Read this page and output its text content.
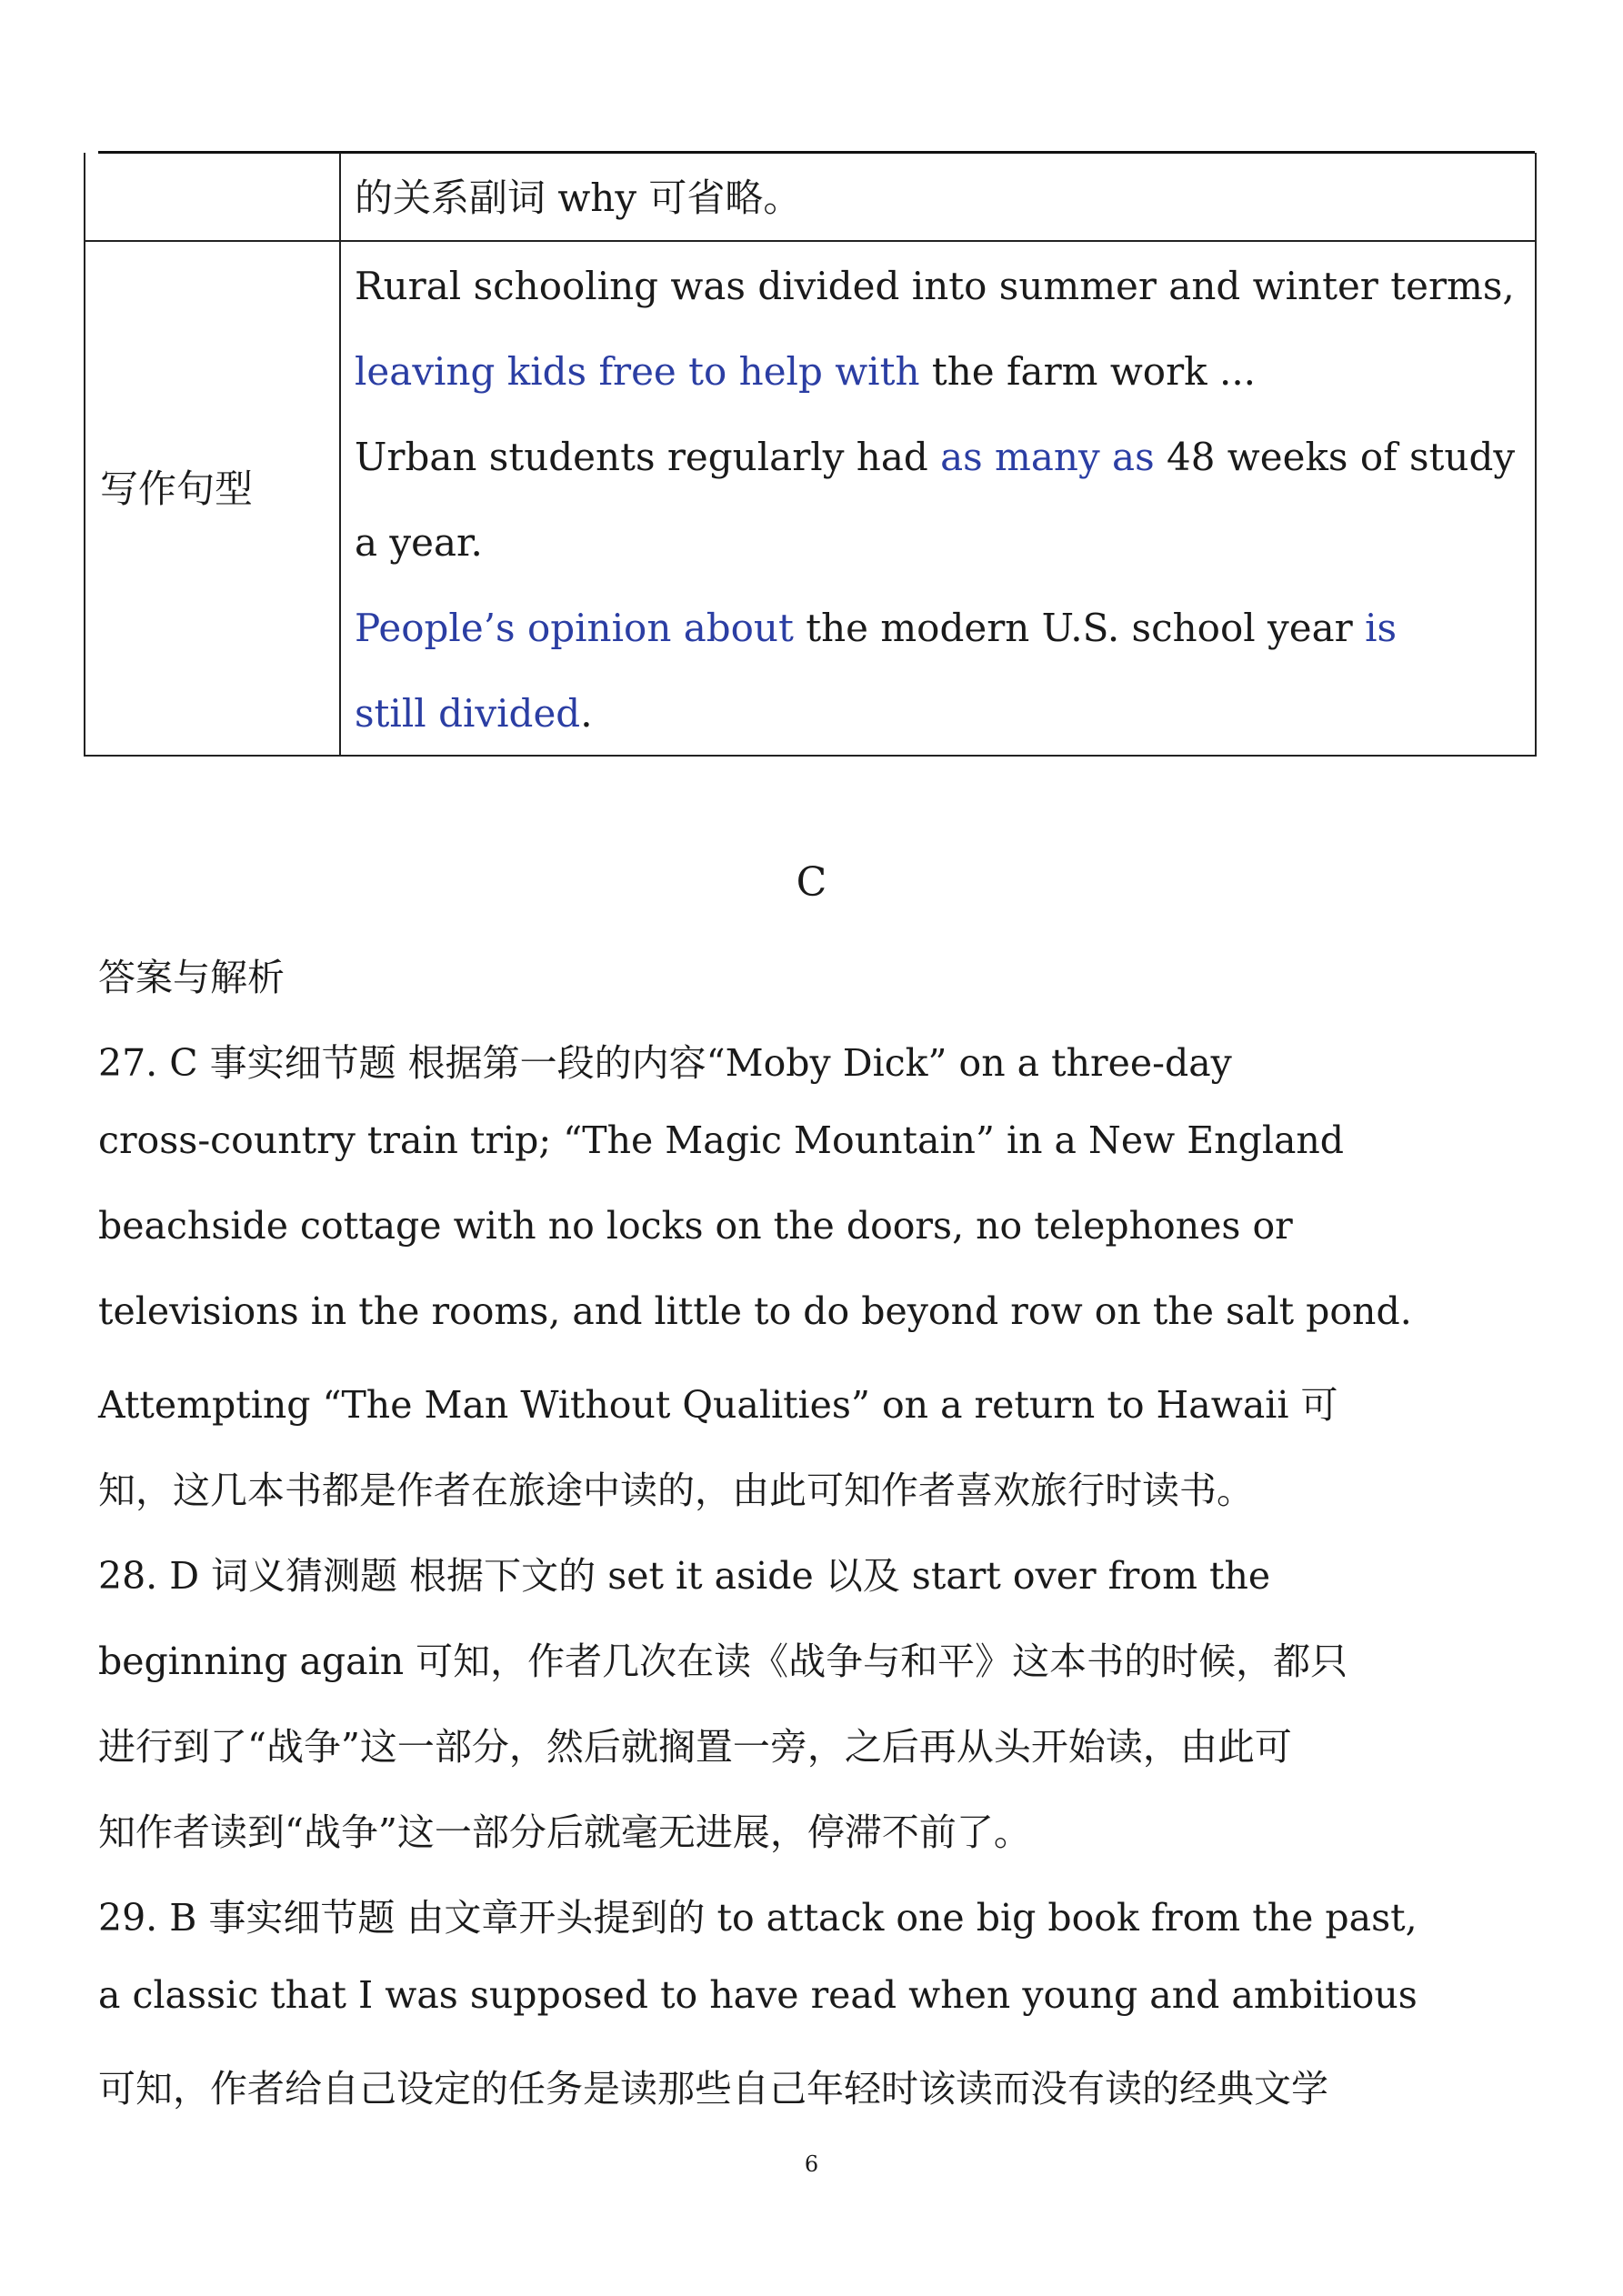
的关系副词 why 可省略。
写作句型
Rural schooling was divided into summer and winter terms,
leaving kids free to help with the farm work ...
Urban students regularly had as many as 48 weeks of study
a year.
People’s opinion about the modern U.S. school year is
still divided.
C
答案与解析
27. C 事实细节题 根据第一段的内容“Moby Dick” on a three-day
cross-country train trip; “The Magic Mountain” in a New England
beachside cottage with no locks on the doors, no telephones or
televisions in the rooms, and little to do beyond row on the salt pond.
Attempting “The Man Without Qualities” on a return to Hawaii 可
知，这几本书都是作者在旅途中读的，由此可知作者喜欢旅行时读书。
28. D 词义猜测题 根据下文的 set it aside 以及 start over from the
beginning again 可知，作者几次在读《战争与和平》这本书的时候，都只
进行到了“战争”这一部分，然后就搁置一旁，之后再从头开始读，由此可
知作者读到“战争”这一部分后就毫无进展，停滞不前了。
29. B 事实细节题 由文章开头提到的 to attack one big book from the past,
a classic that I was supposed to have read when young and ambitious
可知，作者给自己设定的任务是读那些自己年轻时该读而没有读的经典文学
6
